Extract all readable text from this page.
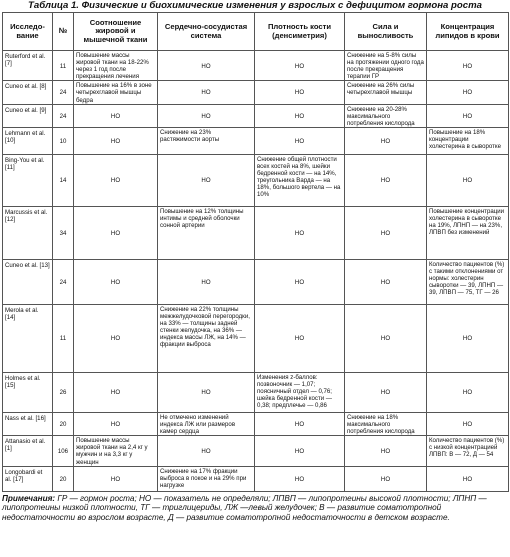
Таблица 1. Физические и биохимические изменения у взрослых с дефицитом гормона роста
Исследо-вание	№	Соотношение жировой и мышечной ткани	Сердечно-сосудистая система	Плотность кости (денсиметрия)	Сила и выносливость	Концентрация липидов в крови
Ruterford et al. [7]	11	Повышение массы жировой ткани на 18-22% через 1 год после прекращения лечения	НО	НО	Снижение на 5-8% силы на протяжении одного года после прекращения терапии ГР	НО
Cuneo et al. [8]	24	Повышение на 16% в зоне четырехглавой мышцы бедра	НО	НО	Снижение на 26% силы четырехглавой мышцы	НО
Cuneo et al. [9]	24	НО	НО	НО	Снижение на 20-28% максимального потребления кислорода	НО
Lehmann et al. [10]	10	НО	Снижение на 23% растяжимости аорты	НО	НО	Повышение на 18% концентрации холестерина в сыворотке
Bing-You et al. [11]	14	НО	НО	Снижение общей плотности всех костей на 8%, шейки бедренной кости — на 14%, треугольника Варда — на 18%, большого вертела — на 10%	НО	НО
Marcussis et al. [12]	34	НО	Повышение на 12% толщины интимы и средней оболочки сонной артерии	НО	НО	Повышение концентрации холестерина в сыворотке на 19%, ЛПНП — на 23%, ЛПВП без изменений
Cuneo et al. [13]	24	НО	НО	НО	НО	Количество пациентов (%) с такими отклонениями от нормы: холестерин сыворотки — 39, ЛПНП — 39, ЛПВП — 75, ТГ — 26
Merola et al. [14]	11	НО	Снижение на 22% толщины межжелудочковой перегородки, на 33% — толщины задней стенки желудочка, на 36% — индекса массы ЛЖ, на 14% — фракции выброса	НО	НО	НО
Holmes et al. [15]	26	НО	НО	Изменения z-баллов: позвоночник — 1,07; поясничный отдел — 0,76; шейка бедренной кости — 0,38; предплечье — 0,86	НО	НО
Nass et al. [16]	20	НО	Не отмечено изменений индекса ЛЖ или размеров камер сердца	НО	Снижение на 18% максимального потребления кислорода	НО
Attanasio et al. [1]	106	Повышение массы жировой ткани на 2,4 кг у мужчин и на 3,3 кг у женщин	НО	НО	НО	Количество пациентов (%) с низкой концентрацией ЛПВП: В — 72, Д — 54
Longobardi et al. [17]	20	НО	Снижение на 17% фракции выброса в покое и на 29% при нагрузке	НО	НО	НО
Примечания: ГР — гормон роста; НО — показатель не определяли; ЛПВП — липопротеины высокой плотности; ЛПНП — липопротеины низкой плотности, ТГ — триглицериды, ЛЖ —левый желудочек; В — развитие соматотропной недостаточности во взрослом возрасте, Д — развитие соматотропной недостаточности в детском возрасте.
